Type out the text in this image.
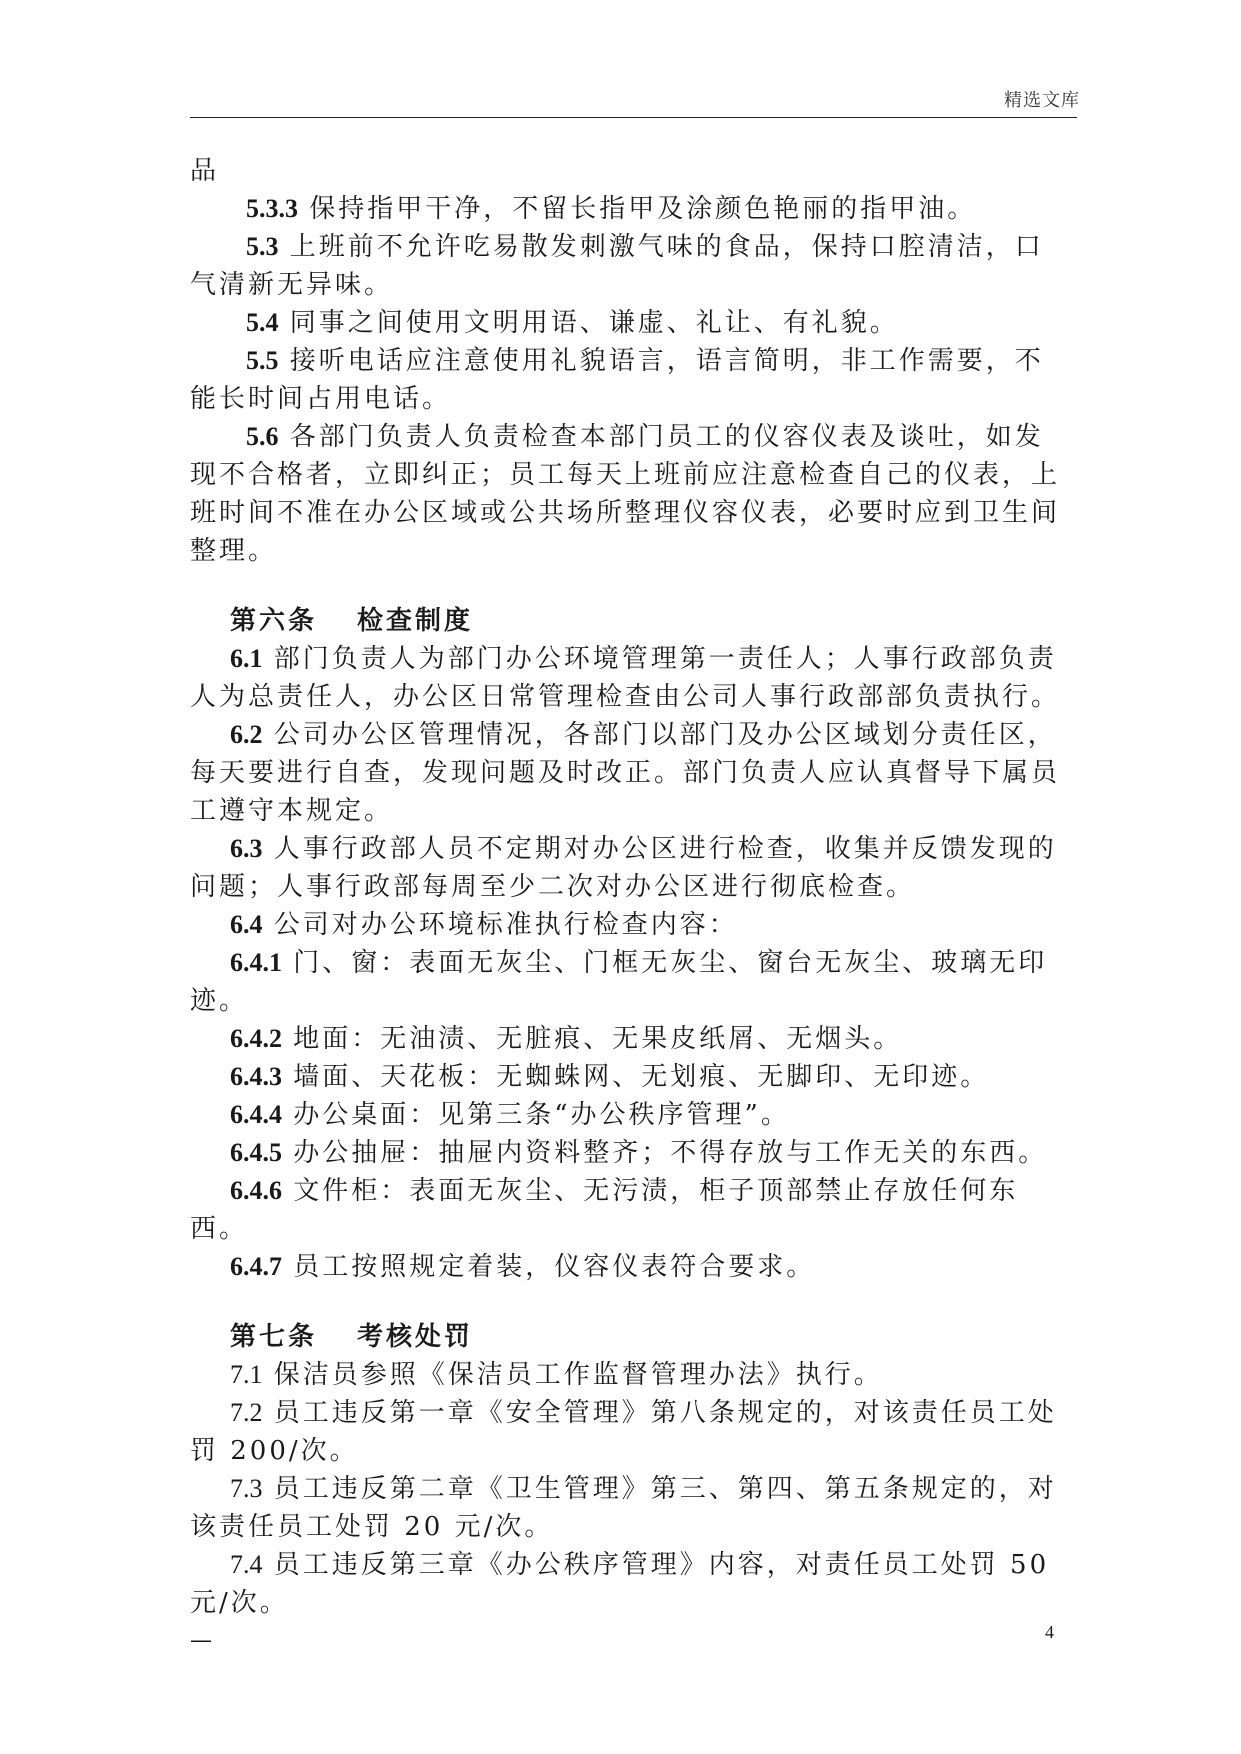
精选文库

品

5.3.3 保持指甲干净，不留长指甲及涂颜色艳丽的指甲油。

5.3 上班前不允许吃易散发刺激气味的食品，保持口腔清洁，口气清新无异味。

5.4 同事之间使用文明用语、谦虚、礼让、有礼貌。

5.5 接听电话应注意使用礼貌语言，语言简明，非工作需要，不能长时间占用电话。

5.6 各部门负责人负责检查本部门员工的仪容仪表及谈吐，如发现不合格者，立即纠正；员工每天上班前应注意检查自己的仪表，上班时间不准在办公区域或公共场所整理仪容仪表，必要时应到卫生间整理。

第六条 检查制度

6.1 部门负责人为部门办公环境管理第一责任人；人事行政部负责人为总责任人，办公区日常管理检查由公司人事行政部部负责执行。

6.2 公司办公区管理情况，各部门以部门及办公区域划分责任区，每天要进行自查，发现问题及时改正。部门负责人应认真督导下属员工遵守本规定。

6.3 人事行政部人员不定期对办公区进行检查，收集并反馈发现的问题；人事行政部每周至少二次对办公区进行彻底检查。

6.4 公司对办公环境标准执行检查内容：

6.4.1 门、窗：表面无灰尘、门框无灰尘、窗台无灰尘、玻璃无印迹。

6.4.2 地面：无油渍、无脏痕、无果皮纸屑、无烟头。

6.4.3 墙面、天花板：无蜘蛛网、无划痕、无脚印、无印迹。

6.4.4 办公桌面：见第三条“办公秩序管理”。

6.4.5 办公抽屉：抽屉内资料整齐；不得存放与工作无关的东西。

6.4.6 文件柜：表面无灰尘、无污渍，柜子顶部禁止存放任何东西。

6.4.7 员工按照规定着装，仪容仪表符合要求。

第七条 考核处罚

7.1 保洁员参照《保洁员工作监督管理办法》执行。

7.2 员工违反第一章《安全管理》第八条规定的，对该责任员工处罚 200/次。

7.3 员工违反第二章《卫生管理》第三、第四、第五条规定的，对该责任员工处罚 20 元/次。

7.4 员工违反第三章《办公秩序管理》内容，对责任员工处罚 50 元/次。

—	4
